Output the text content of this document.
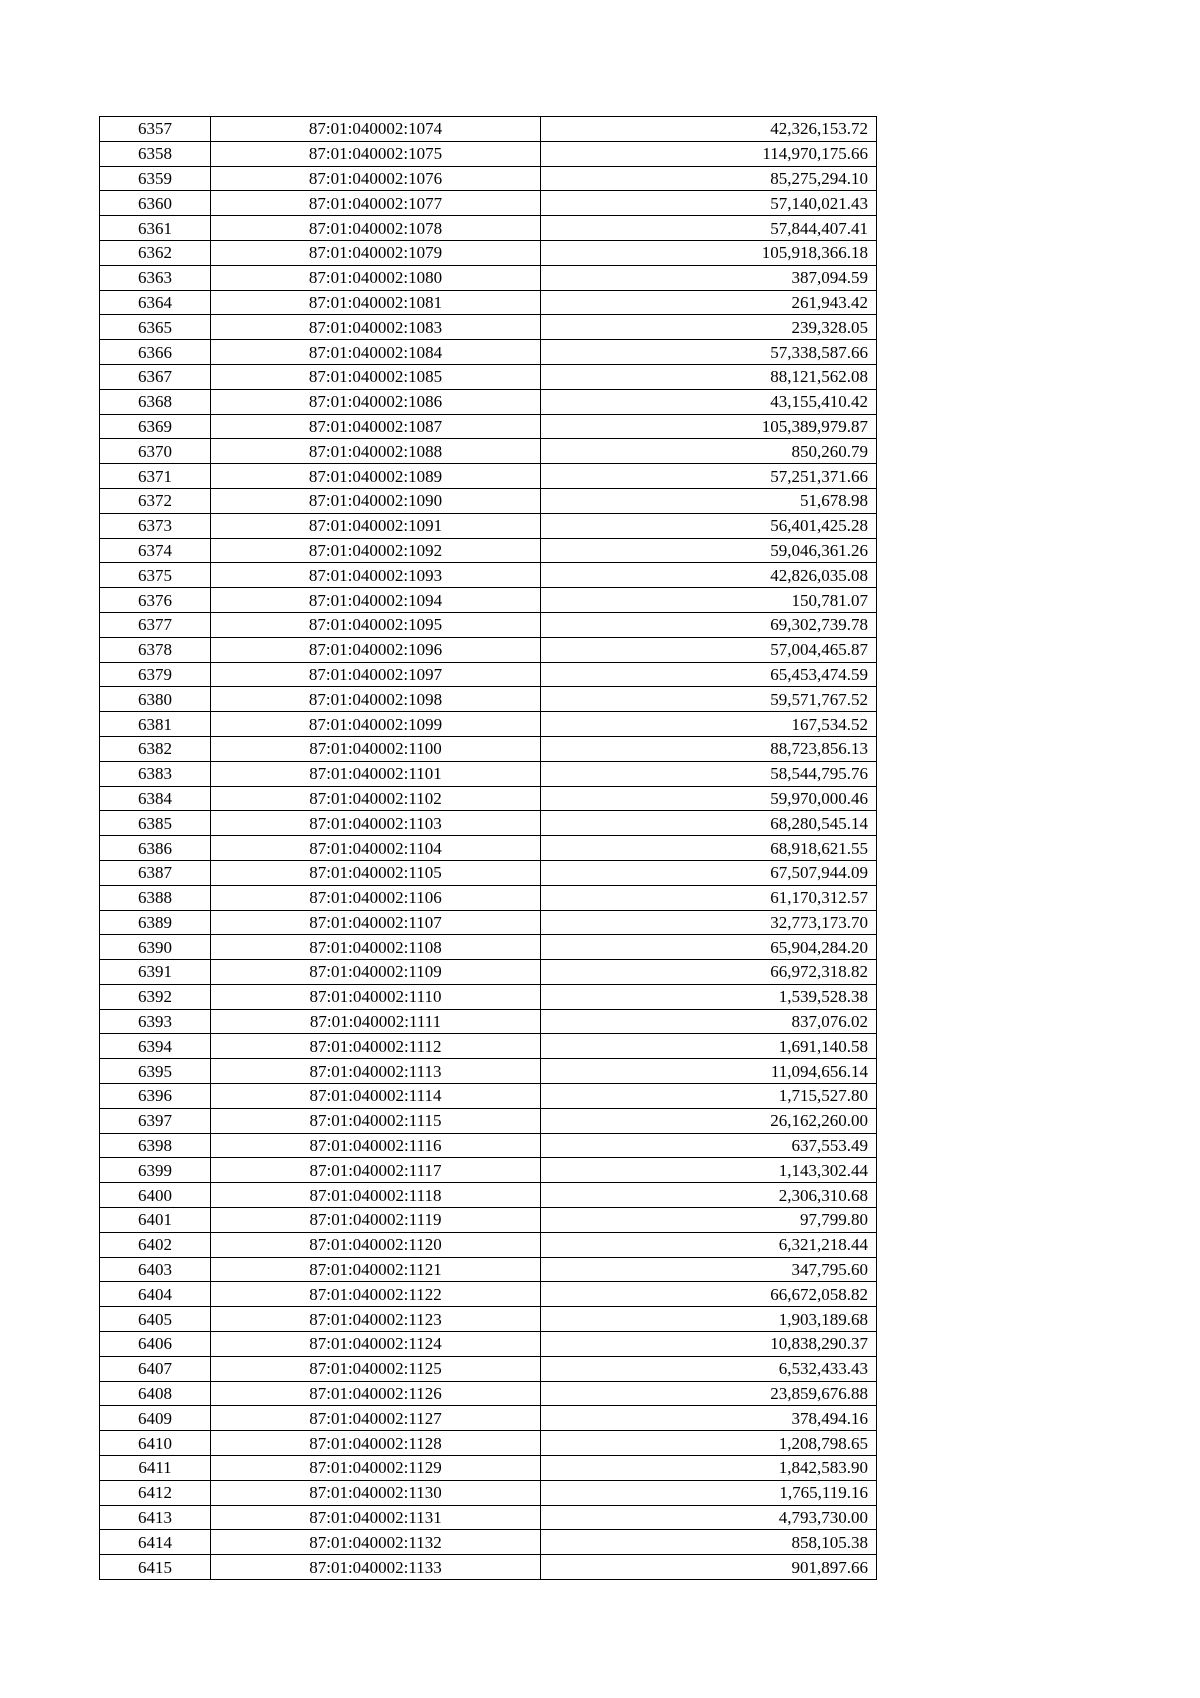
6357	87:01:040002:1074	42,326,153.72
6358	87:01:040002:1075	114,970,175.66
6359	87:01:040002:1076	85,275,294.10
6360	87:01:040002:1077	57,140,021.43
6361	87:01:040002:1078	57,844,407.41
6362	87:01:040002:1079	105,918,366.18
6363	87:01:040002:1080	387,094.59
6364	87:01:040002:1081	261,943.42
6365	87:01:040002:1083	239,328.05
6366	87:01:040002:1084	57,338,587.66
6367	87:01:040002:1085	88,121,562.08
6368	87:01:040002:1086	43,155,410.42
6369	87:01:040002:1087	105,389,979.87
6370	87:01:040002:1088	850,260.79
6371	87:01:040002:1089	57,251,371.66
6372	87:01:040002:1090	51,678.98
6373	87:01:040002:1091	56,401,425.28
6374	87:01:040002:1092	59,046,361.26
6375	87:01:040002:1093	42,826,035.08
6376	87:01:040002:1094	150,781.07
6377	87:01:040002:1095	69,302,739.78
6378	87:01:040002:1096	57,004,465.87
6379	87:01:040002:1097	65,453,474.59
6380	87:01:040002:1098	59,571,767.52
6381	87:01:040002:1099	167,534.52
6382	87:01:040002:1100	88,723,856.13
6383	87:01:040002:1101	58,544,795.76
6384	87:01:040002:1102	59,970,000.46
6385	87:01:040002:1103	68,280,545.14
6386	87:01:040002:1104	68,918,621.55
6387	87:01:040002:1105	67,507,944.09
6388	87:01:040002:1106	61,170,312.57
6389	87:01:040002:1107	32,773,173.70
6390	87:01:040002:1108	65,904,284.20
6391	87:01:040002:1109	66,972,318.82
6392	87:01:040002:1110	1,539,528.38
6393	87:01:040002:1111	837,076.02
6394	87:01:040002:1112	1,691,140.58
6395	87:01:040002:1113	11,094,656.14
6396	87:01:040002:1114	1,715,527.80
6397	87:01:040002:1115	26,162,260.00
6398	87:01:040002:1116	637,553.49
6399	87:01:040002:1117	1,143,302.44
6400	87:01:040002:1118	2,306,310.68
6401	87:01:040002:1119	97,799.80
6402	87:01:040002:1120	6,321,218.44
6403	87:01:040002:1121	347,795.60
6404	87:01:040002:1122	66,672,058.82
6405	87:01:040002:1123	1,903,189.68
6406	87:01:040002:1124	10,838,290.37
6407	87:01:040002:1125	6,532,433.43
6408	87:01:040002:1126	23,859,676.88
6409	87:01:040002:1127	378,494.16
6410	87:01:040002:1128	1,208,798.65
6411	87:01:040002:1129	1,842,583.90
6412	87:01:040002:1130	1,765,119.16
6413	87:01:040002:1131	4,793,730.00
6414	87:01:040002:1132	858,105.38
6415	87:01:040002:1133	901,897.66
